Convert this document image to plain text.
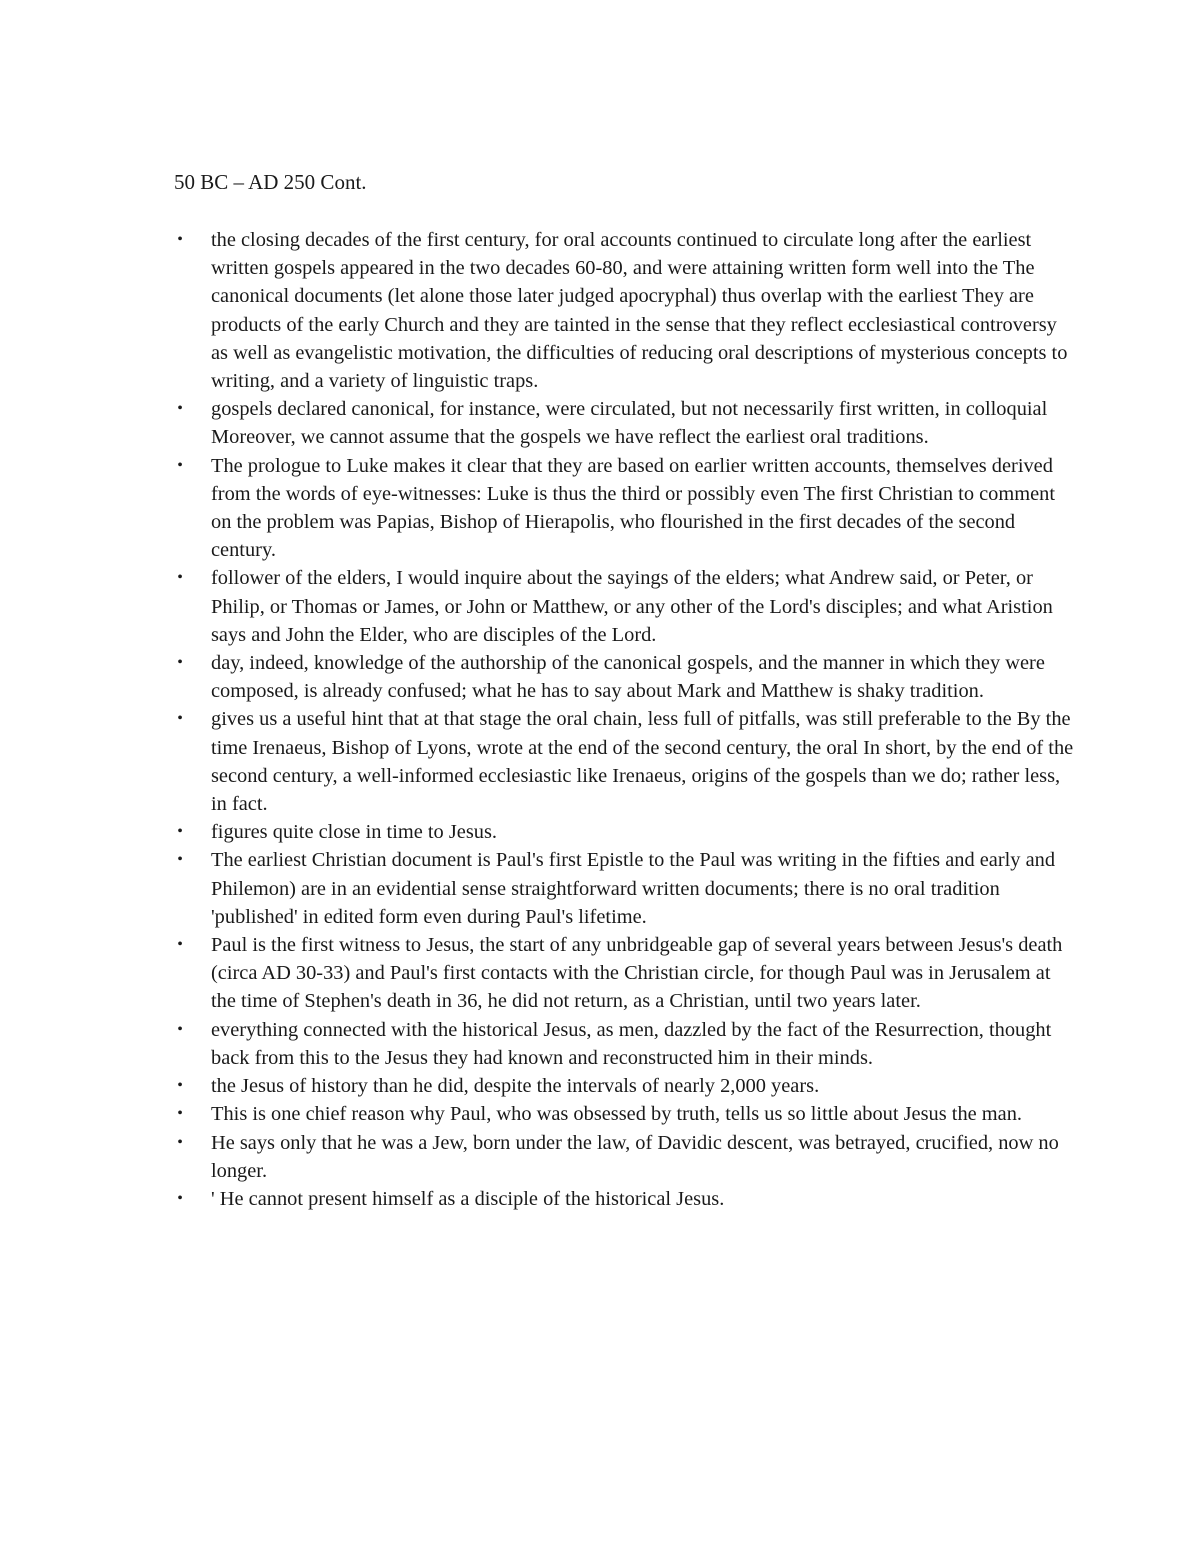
50 BC – AD 250 Cont.
• the closing decades of the first century, for oral accounts continued to circulate long after the earliest written gospels appeared in the two decades 60-80, and were attaining written form well into the The canonical documents (let alone those later judged apocryphal) thus overlap with the earliest They are products of the early Church and they are tainted in the sense that they reflect ecclesiastical controversy as well as evangelistic motivation, the difficulties of reducing oral descriptions of mysterious concepts to writing, and a variety of linguistic traps.
• gospels declared canonical, for instance, were circulated, but not necessarily first written, in colloquial Moreover, we cannot assume that the gospels we have reflect the earliest oral traditions.
• The prologue to Luke makes it clear that they are based on earlier written accounts, themselves derived from the words of eye-witnesses: Luke is thus the third or possibly even The first Christian to comment on the problem was Papias, Bishop of Hierapolis, who flourished in the first decades of the second century.
• follower of the elders, I would inquire about the sayings of the elders; what Andrew said, or Peter, or Philip, or Thomas or James, or John or Matthew, or any other of the Lord's disciples; and what Aristion says and John the Elder, who are disciples of the Lord.
• day, indeed, knowledge of the authorship of the canonical gospels, and the manner in which they were composed, is already confused; what he has to say about Mark and Matthew is shaky tradition.
• gives us a useful hint that at that stage the oral chain, less full of pitfalls, was still preferable to the By the time Irenaeus, Bishop of Lyons, wrote at the end of the second century, the oral In short, by the end of the second century, a well-informed ecclesiastic like Irenaeus, origins of the gospels than we do; rather less, in fact.
• figures quite close in time to Jesus.
• The earliest Christian document is Paul's first Epistle to the Paul was writing in the fifties and early and Philemon) are in an evidential sense straightforward written documents; there is no oral tradition 'published' in edited form even during Paul's lifetime.
• Paul is the first witness to Jesus, the start of any unbridgeable gap of several years between Jesus's death (circa AD 30-33) and Paul's first contacts with the Christian circle, for though Paul was in Jerusalem at the time of Stephen's death in 36, he did not return, as a Christian, until two years later.
• everything connected with the historical Jesus, as men, dazzled by the fact of the Resurrection, thought back from this to the Jesus they had known and reconstructed him in their minds.
• the Jesus of history than he did, despite the intervals of nearly 2,000 years.
• This is one chief reason why Paul, who was obsessed by truth, tells us so little about Jesus the man.
• He says only that he was a Jew, born under the law, of Davidic descent, was betrayed, crucified, now no longer.
• ' He cannot present himself as a disciple of the historical Jesus.
